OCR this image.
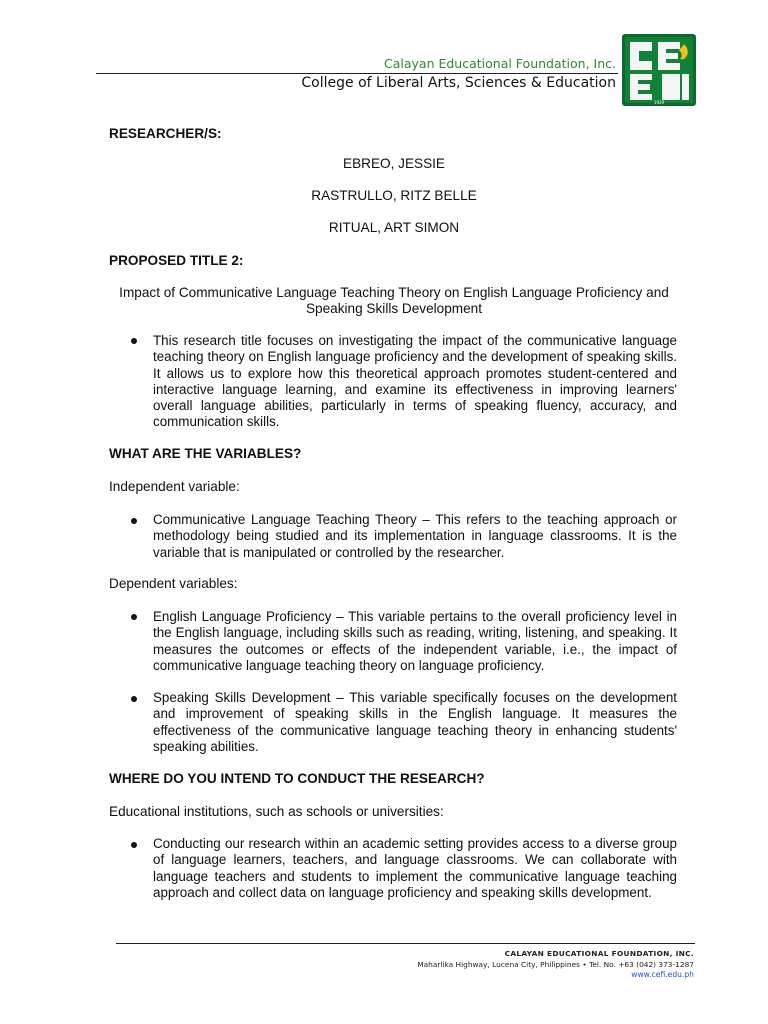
Calayan Educational Foundation, Inc.
College of Liberal Arts, Sciences & Education
1929
RESEARCHER/S:
EBREO, JESSIE
RASTRULLO, RITZ BELLE
RITUAL, ART SIMON
PROPOSED TITLE 2:
Impact of Communicative Language Teaching Theory on English Language Proficiency and
Speaking Skills Development
This research title focuses on investigating the impact of the communicative language teaching theory on English language proficiency and the development of speaking skills. It allows us to explore how this theoretical approach promotes student-centered and interactive language learning, and examine its effectiveness in improving learners' overall language abilities, particularly in terms of speaking fluency, accuracy, and communication skills.
WHAT ARE THE VARIABLES?
Independent variable:
Communicative Language Teaching Theory – This refers to the teaching approach or methodology being studied and its implementation in language classrooms. It is the variable that is manipulated or controlled by the researcher.
Dependent variables:
English Language Proficiency – This variable pertains to the overall proficiency level in the English language, including skills such as reading, writing, listening, and speaking. It measures the outcomes or effects of the independent variable, i.e., the impact of communicative language teaching theory on language proficiency.
Speaking Skills Development – This variable specifically focuses on the development and improvement of speaking skills in the English language. It measures the effectiveness of the communicative language teaching theory in enhancing students' speaking abilities.
WHERE DO YOU INTEND TO CONDUCT THE RESEARCH?
Educational institutions, such as schools or universities:
Conducting our research within an academic setting provides access to a diverse group of language learners, teachers, and language classrooms. We can collaborate with language teachers and students to implement the communicative language teaching approach and collect data on language proficiency and speaking skills development.
CALAYAN EDUCATIONAL FOUNDATION, INC.
Maharlika Highway, Lucena City, Philippines • Tel. No. +63 (042) 373-1287
www.cefi.edu.ph
